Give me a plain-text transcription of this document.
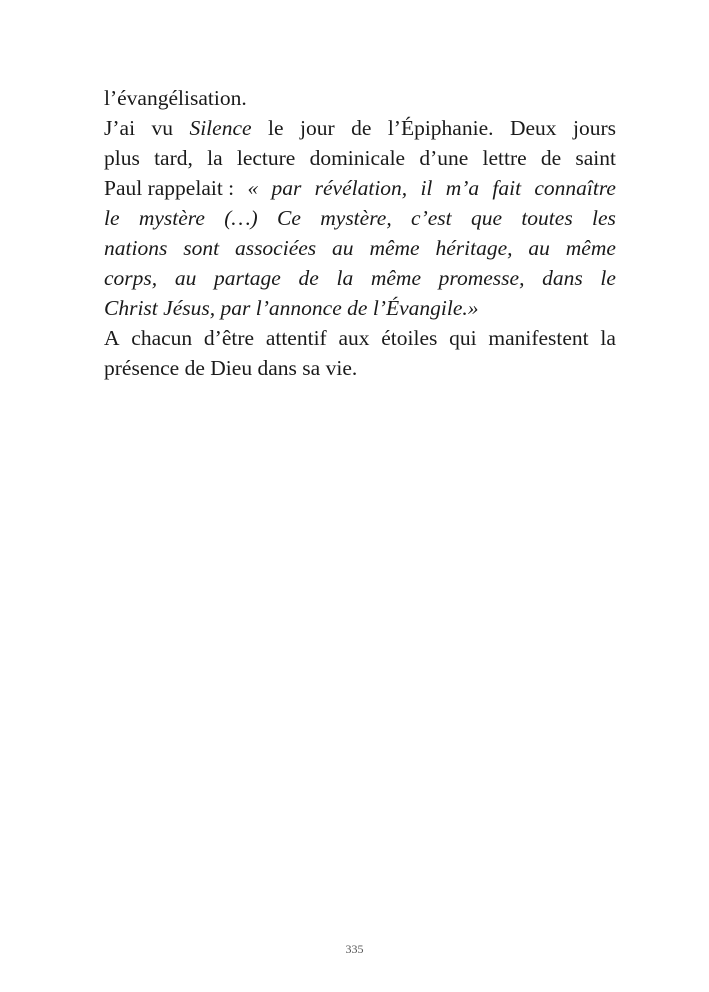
l’évangélisation.
J’ai vu Silence le jour de l’Épiphanie. Deux jours
plus tard, la lecture dominicale d’une lettre de saint
Paul rappelait : « par révélation, il m’a fait connaître
le mystère (…) Ce mystère, c’est que toutes les
nations sont associées au même héritage, au même
corps, au partage de la même promesse, dans le
Christ Jésus, par l’annonce de l’Évangile.»
A chacun d’être attentif aux étoiles qui manifestent la
présence de Dieu dans sa vie.
335
